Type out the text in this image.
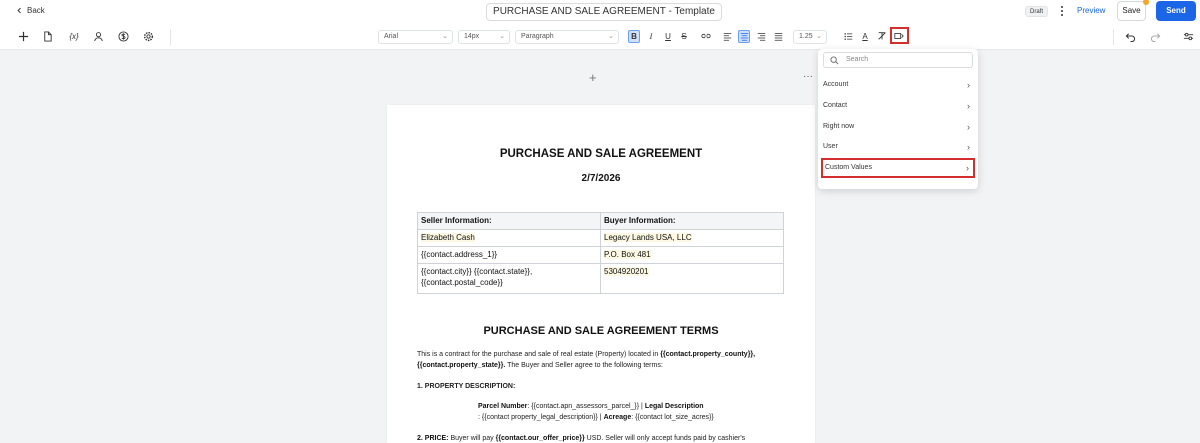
Back	PURCHASE AND SALE AGREEMENT - Template	Draft	Preview	Save	Send
{x}	Arial	⌄	14px	⌄	Paragraph	⌄	B	I	U	S	1.25 ⌄	A
+	···
PURCHASE AND SALE AGREEMENT
2/7/2026
Seller Information:	Buyer Information:
Elizabeth Cash	Legacy Lands USA, LLC
{{contact.address_1}}	P.O. Box 481
{{contact.city}} {{contact.state}}, {{contact.postal_code}}	5304920201
PURCHASE AND SALE AGREEMENT TERMS
This is a contract for the purchase and sale of real estate (Property) located in {{contact.property_county}}, {{contact.property_state}}. The Buyer and Seller agree to the following terms:
1. PROPERTY DESCRIPTION:
Parcel Number: {{contact.apn_assessors_parcel_}} | Legal Description
: {{contact property_legal_description}} | Acreage: {{contact lot_size_acres}}
2. PRICE: Buyer will pay {{contact.our_offer_price}} USD. Seller will only accept funds paid by cashier's
Search
Account	›
Contact	›
Right now	›
User	›
Custom Values	›
